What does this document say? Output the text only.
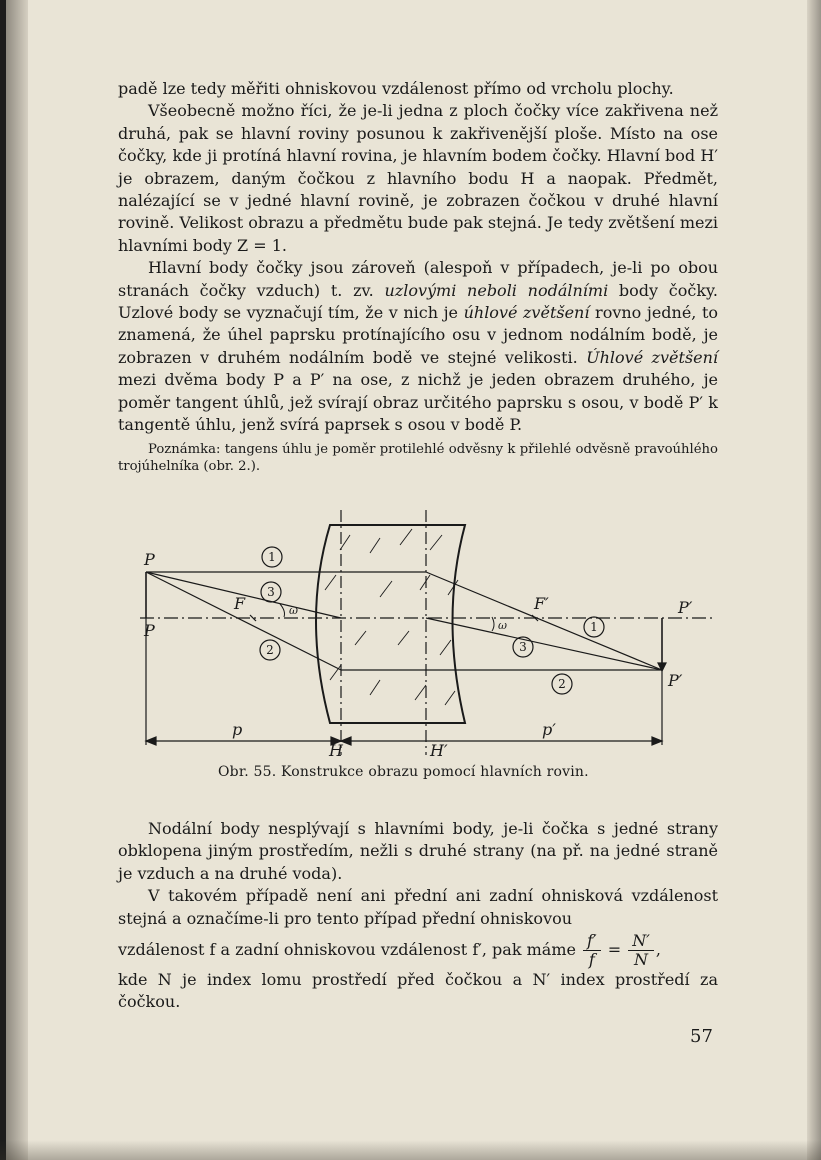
padě lze tedy měřiti ohniskovou vzdálenost přímo od vrcholu plochy.

Všeobecně možno říci, že je-li jedna z ploch čočky více zakřivena než druhá, pak se hlavní roviny posunou k zakřivenější ploše. Místo na ose čočky, kde ji protíná hlavní rovina, je hlavním bodem čočky. Hlavní bod H′ je obrazem, daným čočkou z hlavního bodu H a naopak. Předmět, nalézající se v jedné hlavní rovině, je zobrazen čočkou v druhé hlavní rovině. Velikost obrazu a předmětu bude pak stejná. Je tedy zvětšení mezi hlavními body Z = 1.

Hlavní body čočky jsou zároveň (alespoň v případech, je-li po obou stranách čočky vzduch) t. zv. uzlovými neboli nodálními body čočky. Uzlové body se vyznačují tím, že v nich je úhlové zvětšení rovno jedné, to znamená, že úhel paprsku protínajícího osu v jednom nodálním bodě, je zobrazen v druhém nodálním bodě ve stejné velikosti. Úhlové zvětšení mezi dvěma body P a P′ na ose, z nichž je jeden obrazem druhého, je poměr tangent úhlů, jež svírají obraz určitého paprsku s osou, v bodě P′ k tangentě úhlu, jenž svírá paprsek s osou v bodě P.

Poznámka: tangens úhlu je poměr protilehlé odvěsny k přilehlé odvěsně pravoúhlého trojúhelníka (obr. 2.).

P
P′
F	F′
P
P′
p	p′
H	H′
ω
ω
1
3
2
1
3
2
Obr. 55. Konstrukce obrazu pomocí hlavních rovin.

Nodální body nesplývají s hlavními body, je-li čočka s jedné strany obklopena jiným prostředím, nežli s druhé strany (na př. na jedné straně je vzduch a na druhé voda).

V takovém případě není ani přední ani zadní ohnisková vzdálenost stejná a označíme-li pro tento případ přední ohniskovou

vzdálenost f a zadní ohniskovou vzdálenost f′, pak máme $\frac{f'}{f} = \frac{N'}{N}$ ,

kde N je index lomu prostředí před čočkou a N′ index prostředí za čočkou.

57
